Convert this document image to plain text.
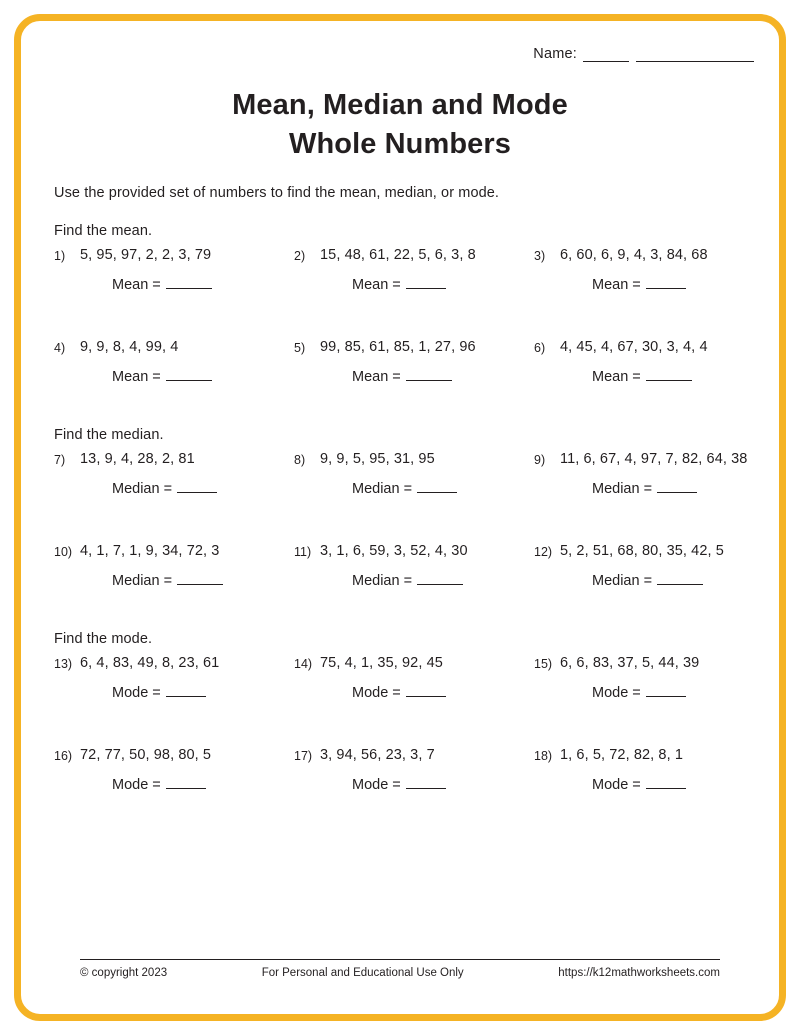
Name:
Mean, Median and Mode
Whole Numbers
Use the provided set of numbers to find the mean, median, or mode.
Find the mean.
1)	5, 95, 97, 2, 2, 3, 79
Mean =
2)	15, 48, 61, 22, 5, 6, 3, 8
Mean =
3)	6, 60, 6, 9, 4, 3, 84, 68
Mean =
4)	9, 9, 8, 4, 99, 4
Mean =
5)	99, 85, 61, 85, 1, 27, 96
Mean =
6)	4, 45, 4, 67, 30, 3, 4, 4
Mean =
Find the median.
7)	13, 9, 4, 28, 2, 81
Median =
8)	9, 9, 5, 95, 31, 95
Median =
9)	11, 6, 67, 4, 97, 7, 82, 64, 38
Median =
10) 4, 1, 7, 1, 9, 34, 72, 3
Median =
11) 3, 1, 6, 59, 3, 52, 4, 30
Median =
12) 5, 2, 51, 68, 80, 35, 42, 5
Median =
Find the mode.
13) 6, 4, 83, 49, 8, 23, 61
Mode =
14) 75, 4, 1, 35, 92, 45
Mode =
15) 6, 6, 83, 37, 5, 44, 39
Mode =
16) 72, 77, 50, 98, 80, 5
Mode =
17) 3, 94, 56, 23, 3, 7
Mode =
18) 1, 6, 5, 72, 82, 8, 1
Mode =
© copyright 2023	For Personal and Educational Use Only	https://k12mathworksheets.com
